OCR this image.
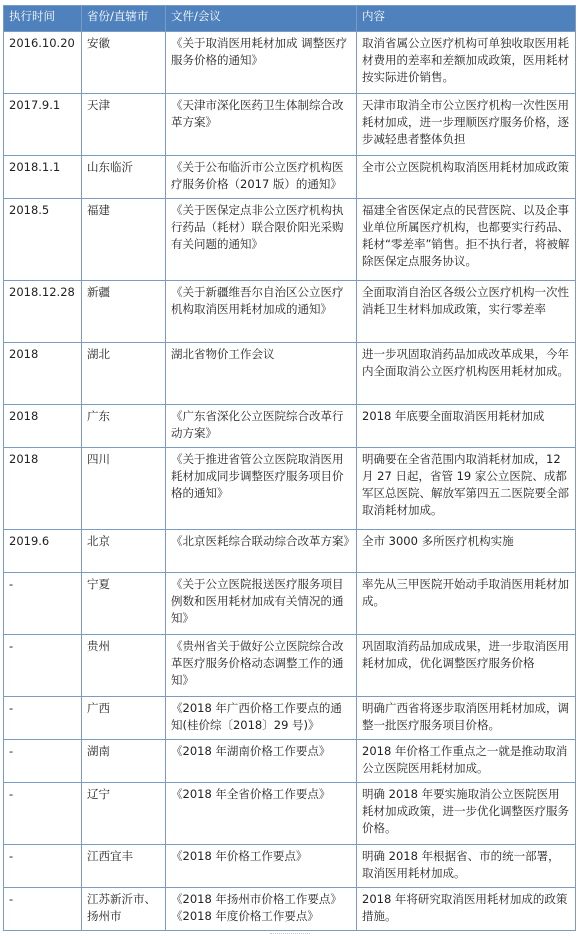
执行时间	省份/直辖市	文件/会议	内容
2016.10.20	安徽	《关于取消医用耗材加成 调整医疗服务价格的通知》	取消省属公立医疗机构可单独收取医用耗材费用的差率和差额加成政策，医用耗材按实际进价销售。
2017.9.1	天津	《天津市深化医药卫生体制综合改革方案》	天津市取消全市公立医疗机构一次性医用耗材加成，进一步理顺医疗服务价格，逐步减轻患者整体负担
2018.1.1	山东临沂	《关于公布临沂市公立医疗机构医疗服务价格（2017 版）的通知》	全市公立医院机构取消医用耗材加成政策
2018.5	福建	《关于医保定点非公立医疗机构执行药品（耗材）联合限价阳光采购有关问题的通知》	福建全省医保定点的民营医院、以及企事业单位所属医疗机构，也都要实行药品、耗材“零差率”销售。拒不执行者，将被解除医保定点服务协议。
2018.12.28	新疆	《关于新疆维吾尔自治区公立医疗机构取消医用耗材加成的通知》	全面取消自治区各级公立医疗机构一次性消耗卫生材料加成政策，实行零差率
2018	湖北	湖北省物价工作会议	进一步巩固取消药品加成改革成果，今年内全面取消公立医疗机构医用耗材加成。
2018	广东	《广东省深化公立医院综合改革行动方案》	2018 年底要全面取消医用耗材加成
2018	四川	《关于推进省管公立医院取消医用耗材加成同步调整医疗服务项目价格的通知》	明确要在全省范围内取消耗材加成，12 月 27 日起，省管 19 家公立医院、成都军区总医院、解放军第四五二医院要全部取消耗材加成。
2019.6	北京	《北京医耗综合联动综合改革方案》	全市 3000 多所医疗机构实施
-	宁夏	《关于公立医院报送医疗服务项目例数和医用耗材加成有关情况的通知》	率先从三甲医院开始动手取消医用耗材加成。
-	贵州	《贵州省关于做好公立医院综合改革医疗服务价格动态调整工作的通知》	巩固取消药品加成成果，进一步取消医用耗材加成，优化调整医疗服务价格
-	广西	《2018 年广西价格工作要点的通知(桂价综〔2018〕29 号)》	明确广西省将逐步取消医用耗材加成，调整一批医疗服务项目价格。
-	湖南	《2018 年湖南价格工作要点》	2018 年价格工作重点之一就是推动取消公立医院医用耗材加成。
-	辽宁	《2018 年全省价格工作要点》	明确 2018 年要实施取消公立医院医用耗材加成政策，进一步优化调整医疗服务价格。
-	江西宜丰	《2018 年价格工作要点》	明确 2018 年根据省、市的统一部署，取消医用耗材加成。
-	江苏新沂市、扬州市	《2018 年扬州市价格工作要点》《2018 年度价格工作要点》	2018 年将研究取消医用耗材加成的政策措施。
